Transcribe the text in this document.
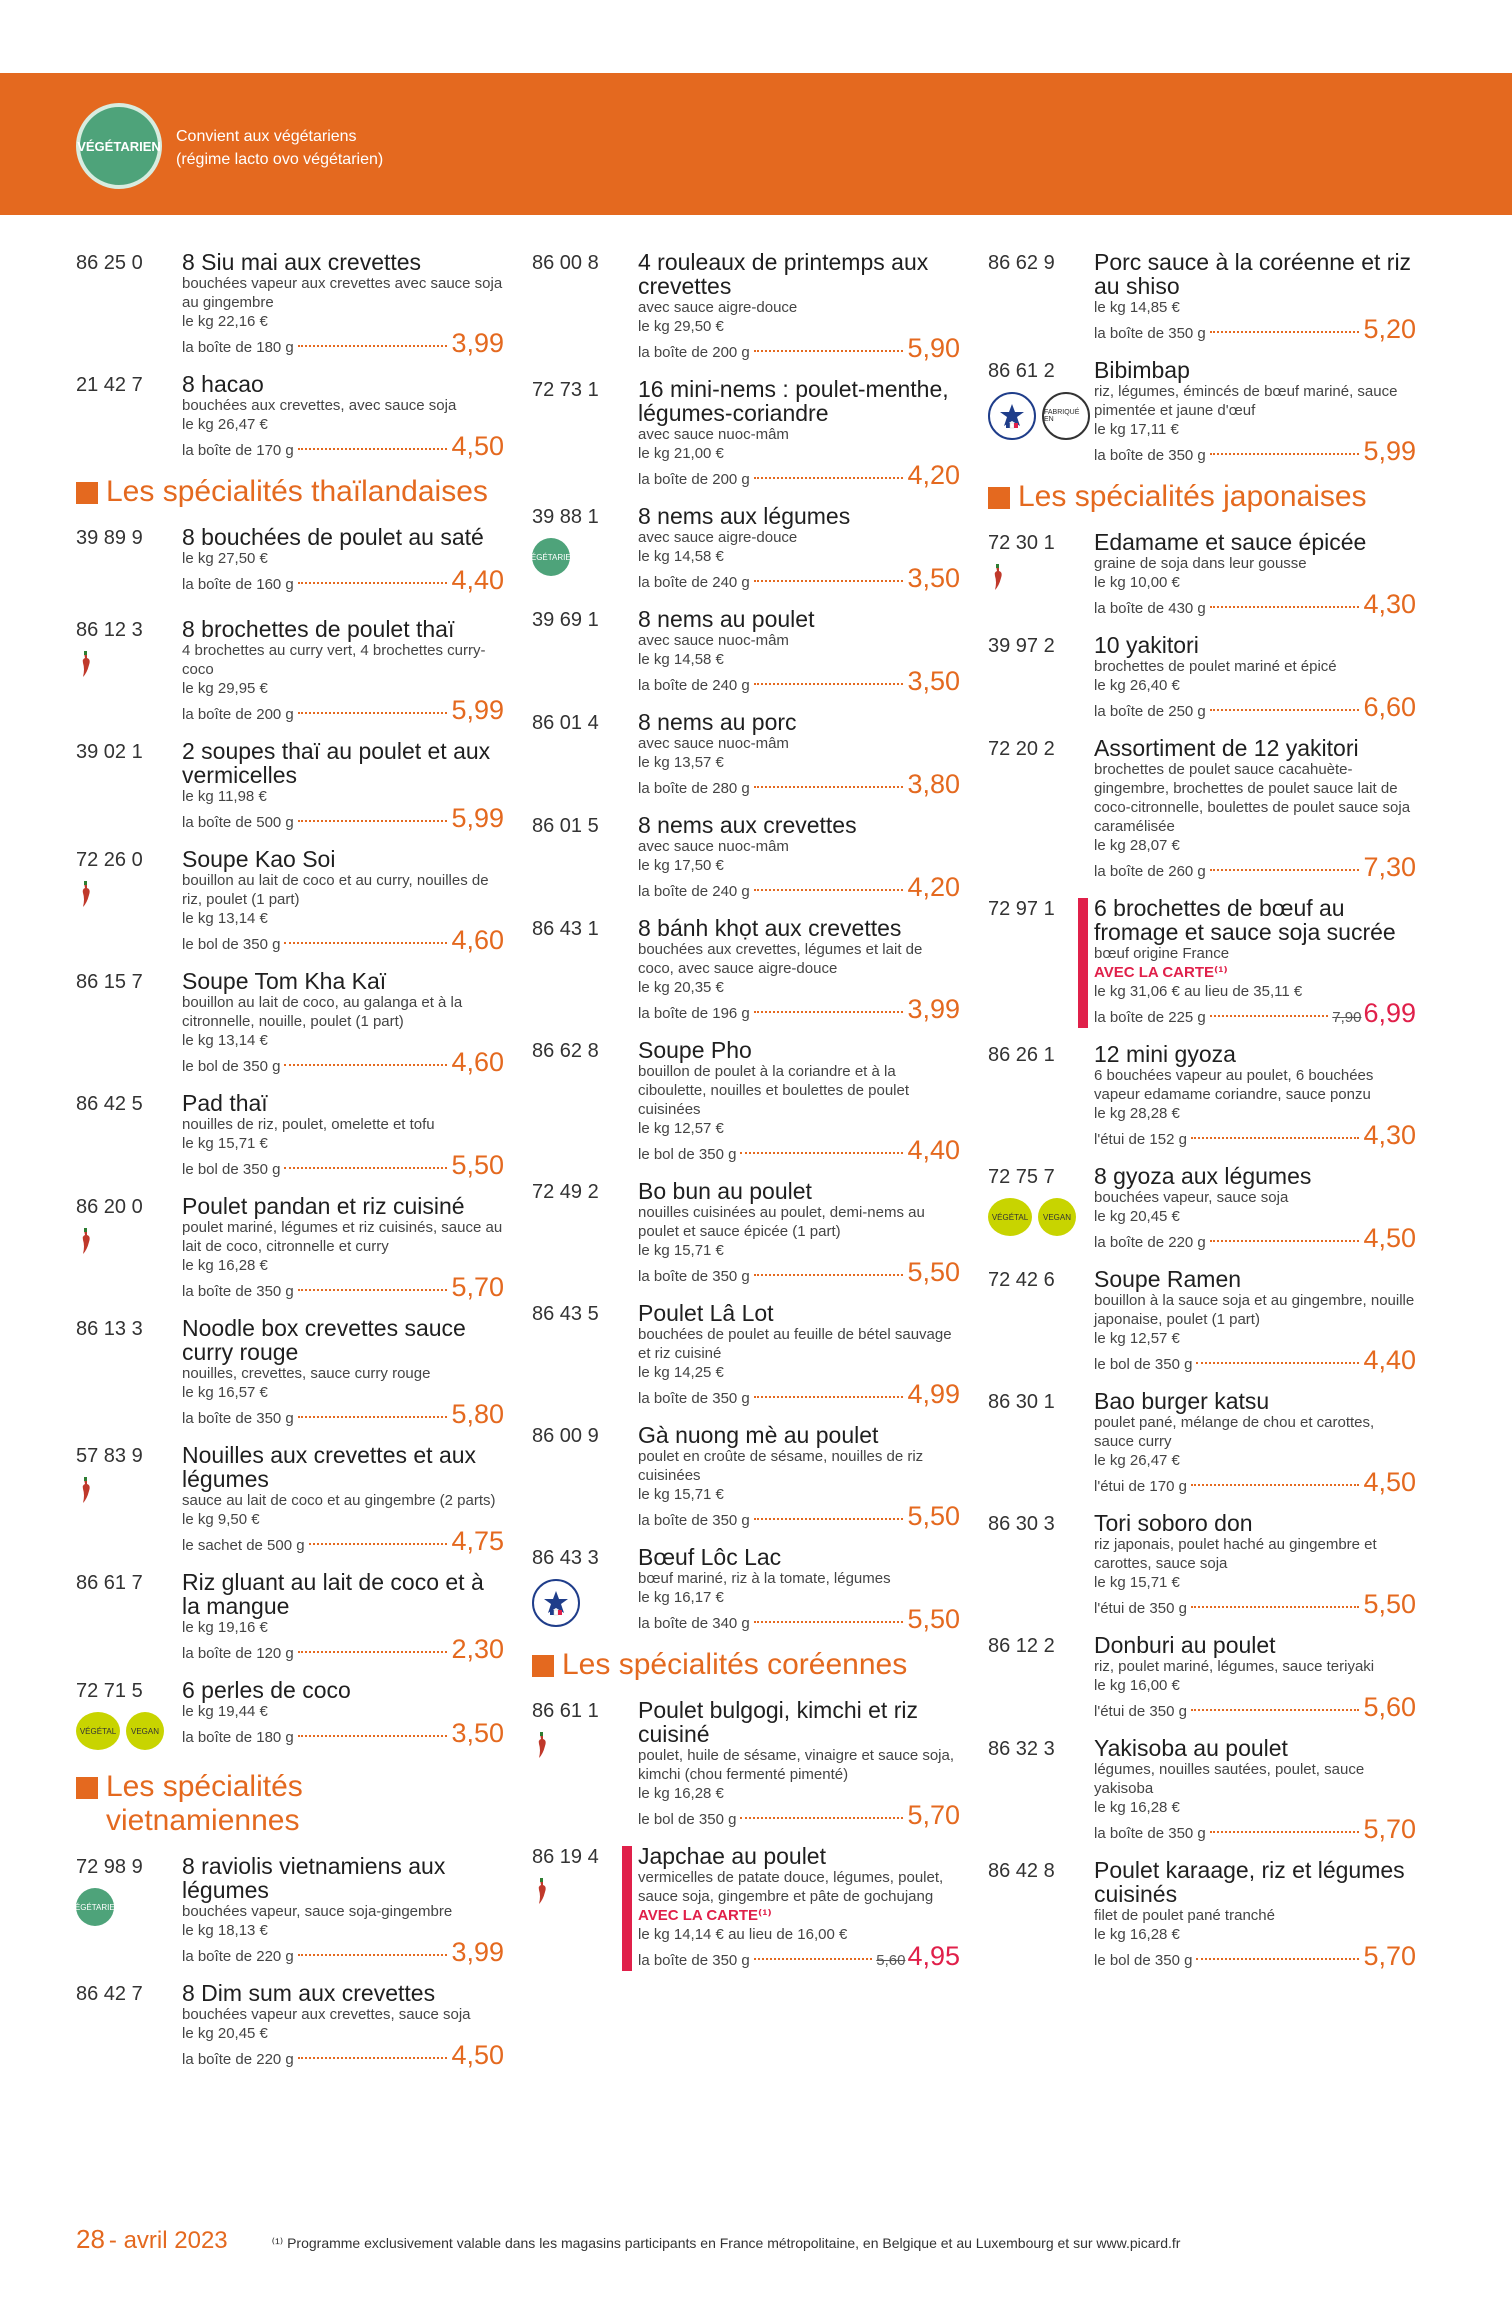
VÉGÉTARIEN
Convient aux végétariens
(régime lacto ovo végétarien)
86 25 0 8 Siu mai aux crevettes
bouchées vapeur aux crevettes avec sauce soja au gingembre
le kg 22,16 €
la boîte de 180 g	3,99
21 42 7 8 hacao
bouchées aux crevettes, avec sauce soja
le kg 26,47 €
la boîte de 170 g	4,50
Les spécialités thaïlandaises
39 89 9 8 bouchées de poulet au saté
le kg 27,50 €
la boîte de 160 g	4,40
86 12 3 8 brochettes de poulet thaï
4 brochettes au curry vert, 4 brochettes curry-coco
le kg 29,95 €
la boîte de 200 g	5,99
39 02 1 2 soupes thaï au poulet et aux vermicelles
le kg 11,98 €
la boîte de 500 g	5,99
72 26 0 Soupe Kao Soi
bouillon au lait de coco et au curry, nouilles de riz, poulet (1 part)
le kg 13,14 €
le bol de 350 g	4,60
86 15 7 Soupe Tom Kha Kaï
bouillon au lait de coco, au galanga et à la citronnelle, nouille, poulet (1 part)
le kg 13,14 €
le bol de 350 g	4,60
86 42 5 Pad thaï
nouilles de riz, poulet, omelette et tofu
le kg 15,71 €
le bol de 350 g	5,50
86 20 0 Poulet pandan et riz cuisiné
poulet mariné, légumes et riz cuisinés, sauce au lait de coco, citronnelle et curry
le kg 16,28 €
la boîte de 350 g	5,70
86 13 3 Noodle box crevettes sauce curry rouge
nouilles, crevettes, sauce curry rouge
le kg 16,57 €
la boîte de 350 g	5,80
57 83 9 Nouilles aux crevettes et aux légumes
sauce au lait de coco et au gingembre (2 parts)
le kg 9,50 €
le sachet de 500 g	4,75
86 61 7 Riz gluant au lait de coco et à la mangue
le kg 19,16 €
la boîte de 120 g	2,30
72 71 5
VÉGÉTAL	VEGAN
6 perles de coco
le kg 19,44 €
la boîte de 180 g	3,50
Les spécialités vietnamiennes
72 98 9
VÉGÉTARIEN
8 raviolis vietnamiens aux légumes
bouchées vapeur, sauce soja-gingembre
le kg 18,13 €
la boîte de 220 g	3,99
86 42 7 8 Dim sum aux crevettes
bouchées vapeur aux crevettes, sauce soja
le kg 20,45 €
la boîte de 220 g	4,50
86 00 8 4 rouleaux de printemps aux crevettes
avec sauce aigre-douce
le kg 29,50 €
la boîte de 200 g	5,90
72 73 1 16 mini-nems : poulet-menthe, légumes-coriandre
avec sauce nuoc-mâm
le kg 21,00 €
la boîte de 200 g	4,20
39 88 1
VÉGÉTARIEN
8 nems aux légumes
avec sauce aigre-douce
le kg 14,58 €
la boîte de 240 g	3,50
39 69 1 8 nems au poulet
avec sauce nuoc-mâm
le kg 14,58 €
la boîte de 240 g	3,50
86 01 4 8 nems au porc
avec sauce nuoc-mâm
le kg 13,57 €
la boîte de 280 g	3,80
86 01 5 8 nems aux crevettes
avec sauce nuoc-mâm
le kg 17,50 €
la boîte de 240 g	4,20
86 43 1 8 bánh khọt aux crevettes
bouchées aux crevettes, légumes et lait de coco, avec sauce aigre-douce
le kg 20,35 €
la boîte de 196 g	3,99
86 62 8 Soupe Pho
bouillon de poulet à la coriandre et à la ciboulette, nouilles et boulettes de poulet cuisinées
le kg 12,57 €
le bol de 350 g	4,40
72 49 2 Bo bun au poulet
nouilles cuisinées au poulet, demi-nems au poulet et sauce épicée (1 part)
le kg 15,71 €
la boîte de 350 g	5,50
86 43 5 Poulet Lâ Lot
bouchées de poulet au feuille de bétel sauvage et riz cuisiné
le kg 14,25 €
la boîte de 350 g	4,99
86 00 9 Gà nuong mè au poulet
poulet en croûte de sésame, nouilles de riz cuisinées
le kg 15,71 €
la boîte de 350 g	5,50
86 43 3 Bœuf Lôc Lac
bœuf mariné, riz à la tomate, légumes
le kg 16,17 €
la boîte de 340 g	5,50
Les spécialités coréennes
86 61 1 Poulet bulgogi, kimchi et riz cuisiné
poulet, huile de sésame, vinaigre et sauce soja, kimchi (chou fermenté pimenté)
le kg 16,28 €
le bol de 350 g	5,70
86 19 4 Japchae au poulet
vermicelles de patate douce, légumes, poulet, sauce soja, gingembre et pâte de gochujang
AVEC LA CARTE⁽¹⁾
le kg 14,14 € au lieu de 16,00 €
la boîte de 350 g	5,60 4,95
86 62 9 Porc sauce à la coréenne et riz au shiso
le kg 14,85 €
la boîte de 350 g	5,20
86 61 2
FABRIQUÉ EN
Bibimbap
riz, légumes, émincés de bœuf mariné, sauce pimentée et jaune d'œuf
le kg 17,11 €
la boîte de 350 g	5,99
Les spécialités japonaises
72 30 1 Edamame et sauce épicée
graine de soja dans leur gousse
le kg 10,00 €
la boîte de 430 g	4,30
39 97 2 10 yakitori
brochettes de poulet mariné et épicé
le kg 26,40 €
la boîte de 250 g	6,60
72 20 2 Assortiment de 12 yakitori
brochettes de poulet sauce cacahuète-gingembre, brochettes de poulet sauce lait de coco-citronnelle, boulettes de poulet sauce soja caramélisée
le kg 28,07 €
la boîte de 260 g	7,30
72 97 1 6 brochettes de bœuf au fromage et sauce soja sucrée
bœuf origine France
AVEC LA CARTE⁽¹⁾
le kg 31,06 € au lieu de 35,11 €
la boîte de 225 g	7,90 6,99
86 26 1 12 mini gyoza
6 bouchées vapeur au poulet, 6 bouchées vapeur edamame coriandre, sauce ponzu
le kg 28,28 €
l'étui de 152 g	4,30
72 75 7
VÉGÉTAL	VEGAN
8 gyoza aux légumes
bouchées vapeur, sauce soja
le kg 20,45 €
la boîte de 220 g	4,50
72 42 6 Soupe Ramen
bouillon à la sauce soja et au gingembre, nouille japonaise, poulet (1 part)
le kg 12,57 €
le bol de 350 g	4,40
86 30 1 Bao burger katsu
poulet pané, mélange de chou et carottes, sauce curry
le kg 26,47 €
l'étui de 170 g	4,50
86 30 3 Tori soboro don
riz japonais, poulet haché au gingembre et carottes, sauce soja
le kg 15,71 €
l'étui de 350 g	5,50
86 12 2 Donburi au poulet
riz, poulet mariné, légumes, sauce teriyaki
le kg 16,00 €
l'étui de 350 g	5,60
86 32 3 Yakisoba au poulet
légumes, nouilles sautées, poulet, sauce yakisoba
le kg 16,28 €
la boîte de 350 g	5,70
86 42 8 Poulet karaage, riz et légumes cuisinés
filet de poulet pané tranché
le kg 16,28 €
le bol de 350 g	5,70
28 - avril 2023	⁽¹⁾ Programme exclusivement valable dans les magasins participants en France métropolitaine, en Belgique et au Luxembourg et sur www.picard.fr
